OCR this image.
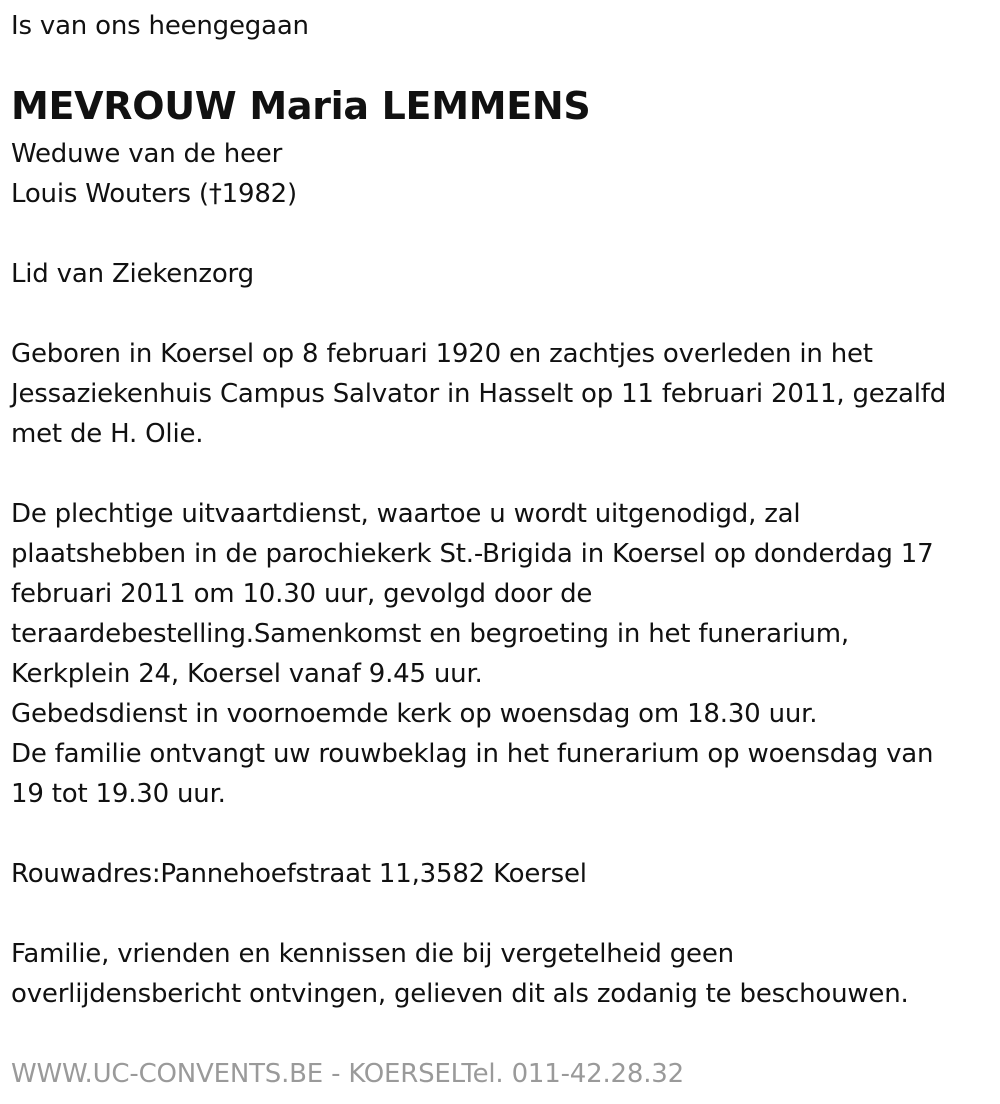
Is van ons heengegaan
MEVROUW Maria LEMMENS
Weduwe van de heer
Louis Wouters (†1982)
Lid van Ziekenzorg
Geboren in Koersel op 8 februari 1920 en zachtjes overleden in het
Jessaziekenhuis Campus Salvator in Hasselt op 11 februari 2011, gezalfd
met de H. Olie.
De plechtige uitvaartdienst, waartoe u wordt uitgenodigd, zal
plaatshebben in de parochiekerk St.-Brigida in Koersel op donderdag 17
februari 2011 om 10.30 uur, gevolgd door de
teraardebestelling.Samenkomst en begroeting in het funerarium,
Kerkplein 24, Koersel vanaf 9.45 uur.
Gebedsdienst in voornoemde kerk op woensdag om 18.30 uur.
De familie ontvangt uw rouwbeklag in het funerarium op woensdag van
19 tot 19.30 uur.
Rouwadres:Pannehoefstraat 11,3582 Koersel
Familie, vrienden en kennissen die bij vergetelheid geen
overlijdensbericht ontvingen, gelieven dit als zodanig te beschouwen.
WWW.UC-CONVENTS.BE - KOERSELTel. 011-42.28.32
